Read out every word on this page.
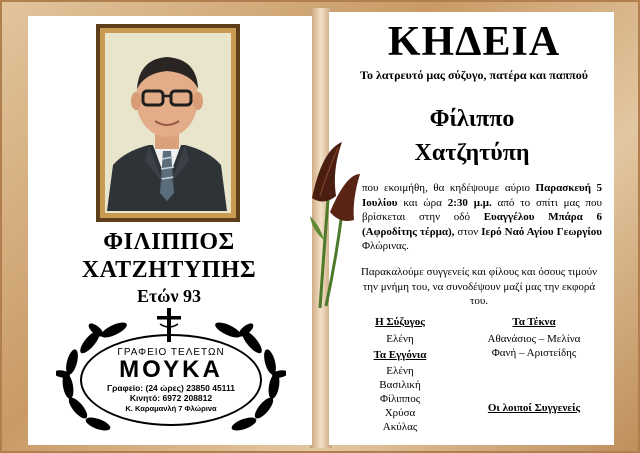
ΦΙΛΙΠΠΟΣ
ΧΑΤΖΗΤΥΠΗΣ
Ετών 93
ΓΡΑΦΕΙΟ ΤΕΛΕΤΩΝ
ΜΟΥΚΑ
Γραφείο: (24 ώρες) 23850 45111
Κινητό: 6972 208812
Κ. Καραμανλή 7 Φλώρινα
ΚΗΔΕΙΑ
Το λατρευτό μας σύζυγο, πατέρα και παππού
Φίλιππο
Χατζητύπη
που εκοιμήθη, θα κηδέψουμε αύριο Παρασκευή 5 Ιουλίου και ώρα 2:30 μ.μ. από το σπίτι μας που βρίσκεται στην οδό Ευαγγέλου Μπάρα 6 (Αφροδίτης τέρμα), στον Ιερό Ναό Αγίου Γεωργίου Φλώρινας.
Παρακαλούμε συγγενείς και φίλους και όσους τιμούν την μνήμη του, να συνοδέψουν μαζί μας την εκφορά του.
Η Σύζυγος
Ελένη
Τα Εγγόνια
Ελένη
Βασιλική
Φίλιππος
Χρύσα
Ακύλας
Τα Τέκνα
Αθανάσιος – Μελίνα
Φανή – Αριστείδης
Οι λοιποί Συγγενείς
